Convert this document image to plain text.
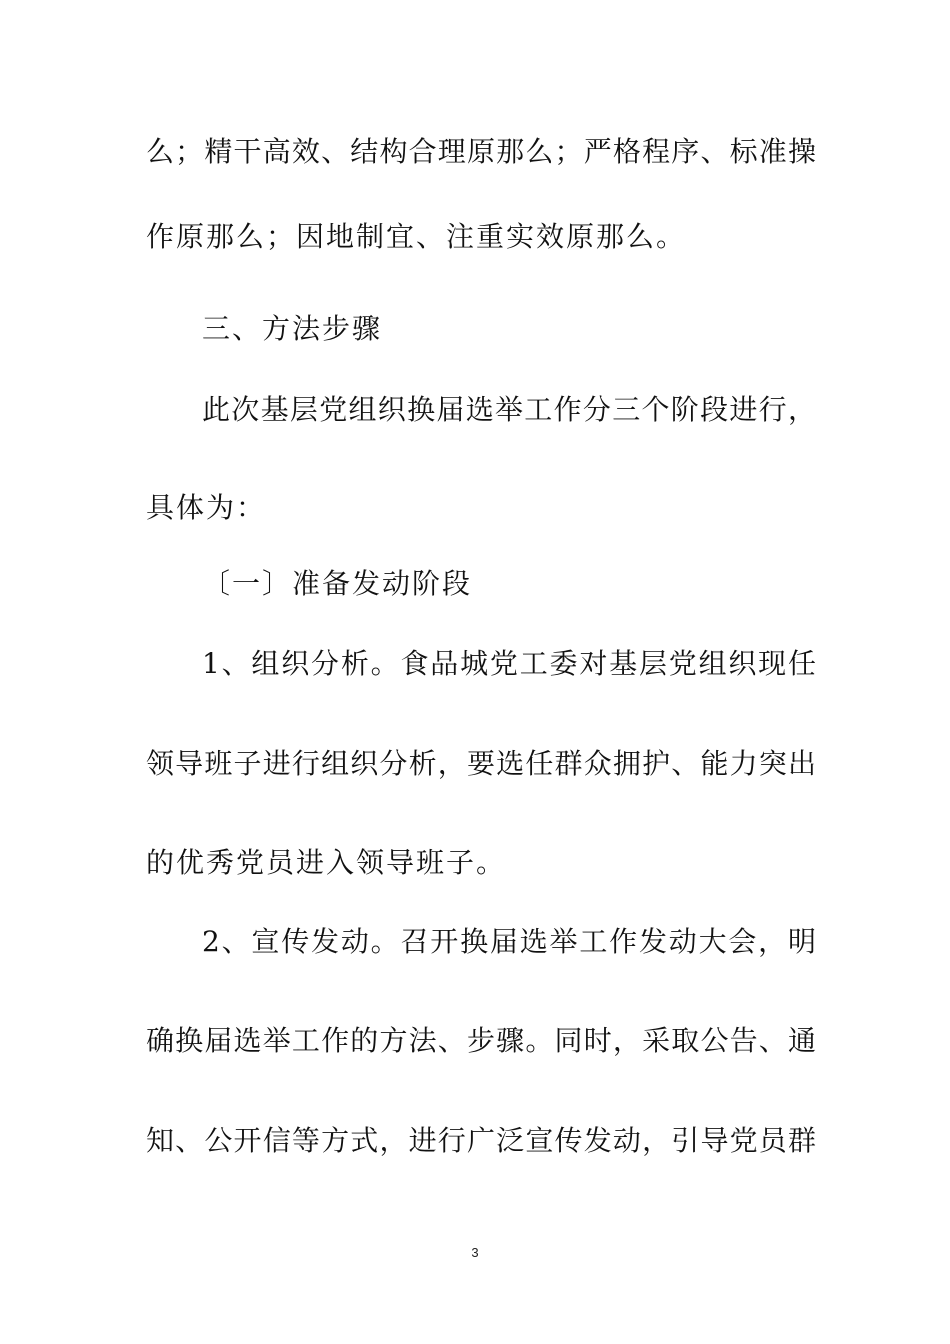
么；精干高效、结构合理原那么；严格程序、标准操
作原那么；因地制宜、注重实效原那么。
三、方法步骤
此次基层党组织换届选举工作分三个阶段进行，
具体为：
〔一〕准备发动阶段
1、组织分析。食品城党工委对基层党组织现任
领导班子进行组织分析，要选任群众拥护、能力突出
的优秀党员进入领导班子。
2、宣传发动。召开换届选举工作发动大会，明
确换届选举工作的方法、步骤。同时，采取公告、通
知、公开信等方式，进行广泛宣传发动，引导党员群
3
